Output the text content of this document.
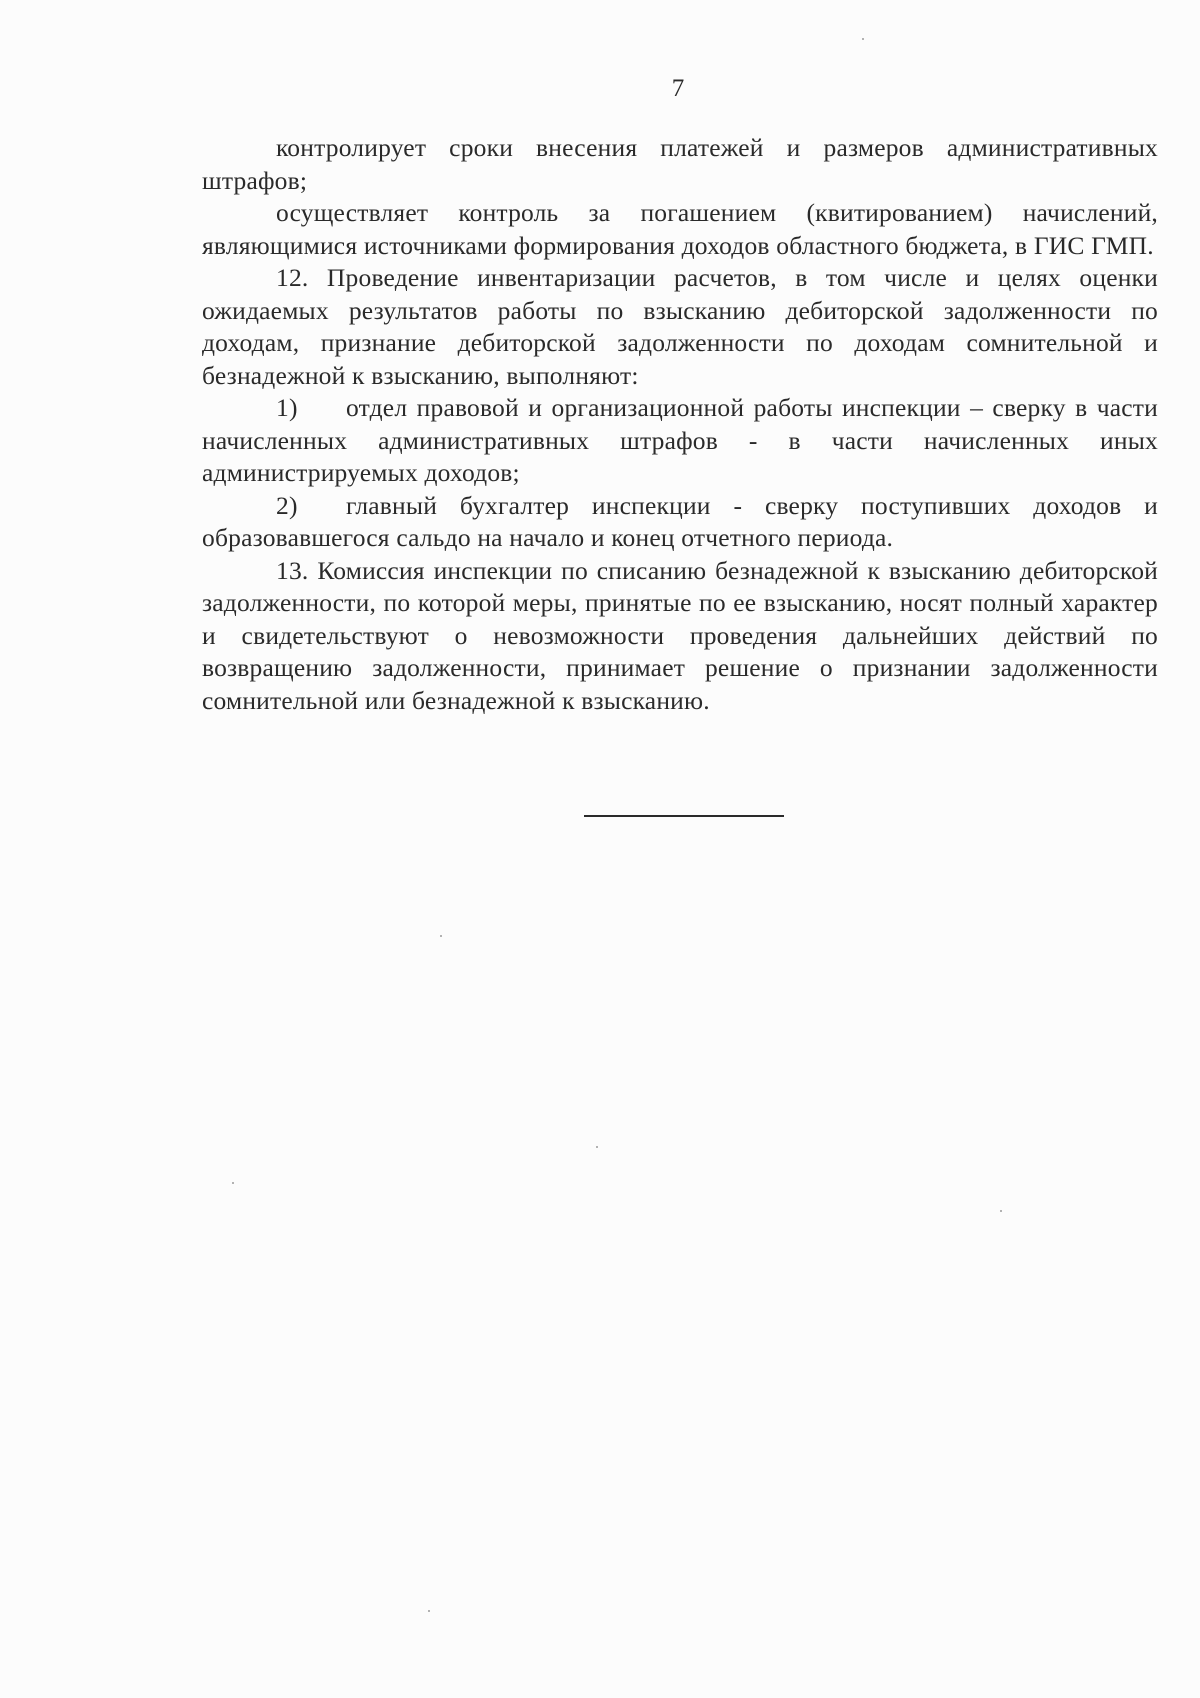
7

контролирует сроки внесения платежей и размеров административных штрафов;

осуществляет контроль за погашением (квитированием) начислений, являющимися источниками формирования доходов областного бюджета, в ГИС ГМП.

12. Проведение инвентаризации расчетов, в том числе и целях оценки ожидаемых результатов работы по взысканию дебиторской задолженности по доходам, признание дебиторской задолженности по доходам сомнительной и безнадежной к взысканию, выполняют:

1) отдел правовой и организационной работы инспекции – сверку в части начисленных административных штрафов - в части начисленных иных администрируемых доходов;

2) главный бухгалтер инспекции - сверку поступивших доходов и образовавшегося сальдо на начало и конец отчетного периода.

13. Комиссия инспекции по списанию безнадежной к взысканию дебиторской задолженности, по которой меры, принятые по ее взысканию, носят полный характер и свидетельствуют о невозможности проведения дальнейших действий по возвращению задолженности, принимает решение о признании задолженности сомнительной или безнадежной к взысканию.
